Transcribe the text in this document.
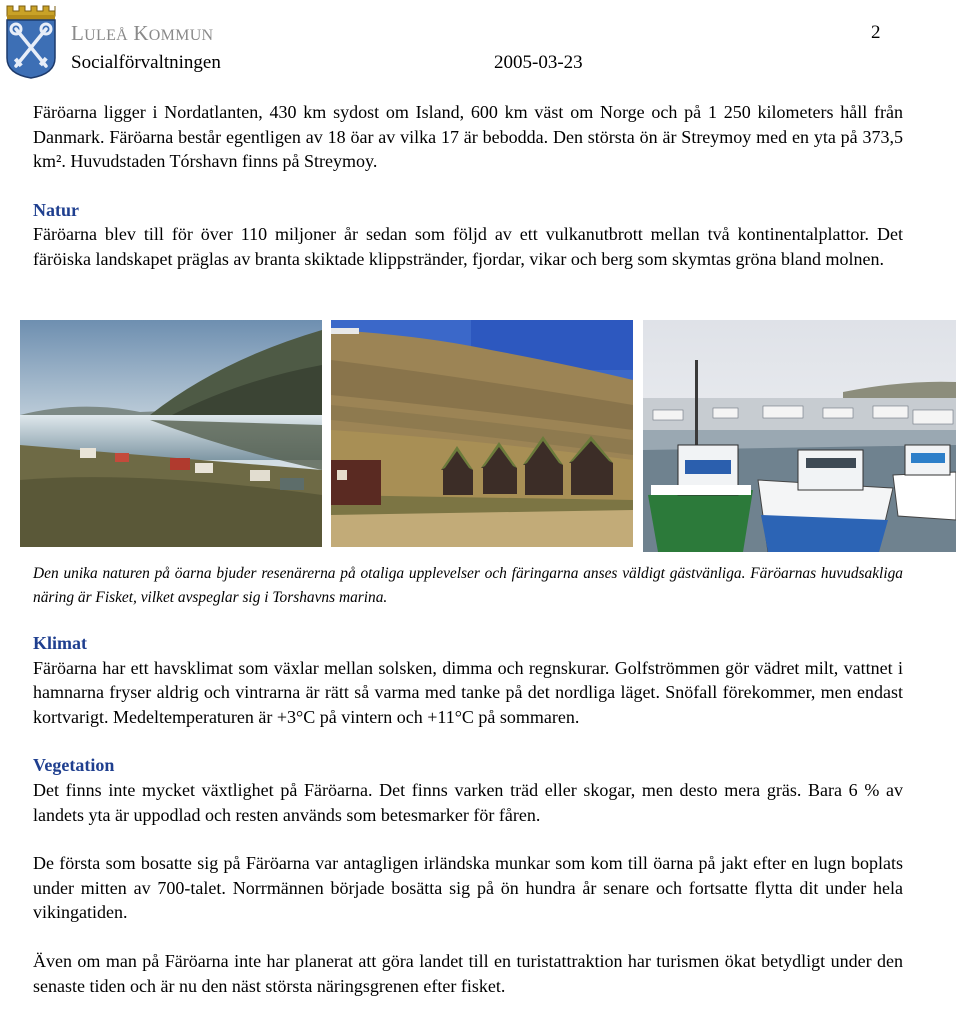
LULEÅ KOMMUN
Socialförvaltningen	2005-03-23
2

Färöarna ligger i Nordatlanten, 430 km sydost om Island, 600 km väst om Norge och på 1 250 kilometers håll från Danmark. Färöarna består egentligen av 18 öar av vilka 17 är bebodda. Den största ön är Streymoy med en yta på 373,5 km². Huvudstaden Tórshavn finns på Streymoy.

Natur

Färöarna blev till för över 110 miljoner år sedan som följd av ett vulkanutbrott mellan två kontinentalplattor. Det färöiska landskapet präglas av branta skiktade klippstränder, fjordar, vikar och berg som skymtas gröna bland molnen.

Den unika naturen på öarna bjuder resenärerna på otaliga upplevelser och färingarna anses väldigt gästvänliga. Färöarnas huvudsakliga näring är Fisket, vilket avspeglar sig i Torshavns marina.
Klimat

Färöarna har ett havsklimat som växlar mellan solsken, dimma och regnskurar. Golfströmmen gör vädret milt, vattnet i hamnarna fryser aldrig och vintrarna är rätt så varma med tanke på det nordliga läget. Snöfall förekommer, men endast kortvarigt. Medeltemperaturen är +3°C på vintern och +11°C på sommaren.

Vegetation

Det finns inte mycket växtlighet på Färöarna. Det finns varken träd eller skogar, men desto mera gräs. Bara 6 % av landets yta är uppodlad och resten används som betesmarker för fåren.

De första som bosatte sig på Färöarna var antagligen irländska munkar som kom till öarna på jakt efter en lugn boplats under mitten av 700-talet. Norrmännen började bosätta sig på ön hundra år senare och fortsatte flytta dit under hela vikingatiden.

Även om man på Färöarna inte har planerat att göra landet till en turistattraktion har turismen ökat betydligt under den senaste tiden och är nu den näst största näringsgrenen efter fisket.
